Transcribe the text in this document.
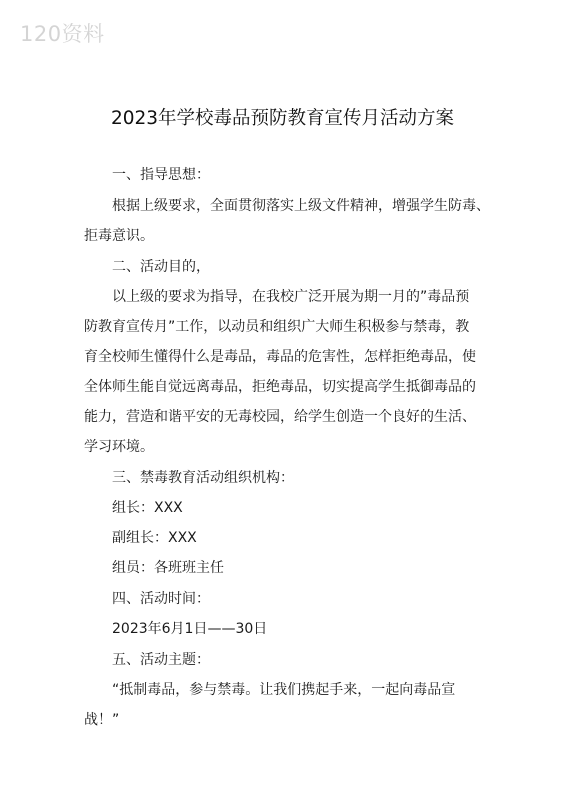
120资料
2023年学校毒品预防教育宣传月活动方案
一、指导思想：
根据上级要求，全面贯彻落实上级文件精神，增强学生防毒、
拒毒意识。
二、活动目的，
以上级的要求为指导，在我校广泛开展为期一月的”毒品预
防教育宣传月”工作，以动员和组织广大师生积极参与禁毒，教
育全校师生懂得什么是毒品，毒品的危害性，怎样拒绝毒品，使
全体师生能自觉远离毒品，拒绝毒品，切实提高学生抵御毒品的
能力，营造和谐平安的无毒校园，给学生创造一个良好的生活、
学习环境。
三、禁毒教育活动组织机构：
组长：XXX
副组长：XXX
组员：各班班主任
四、活动时间：
2023年6月1日——30日
五、活动主题：
“抵制毒品，参与禁毒。让我们携起手来，一起向毒品宣
战！”
